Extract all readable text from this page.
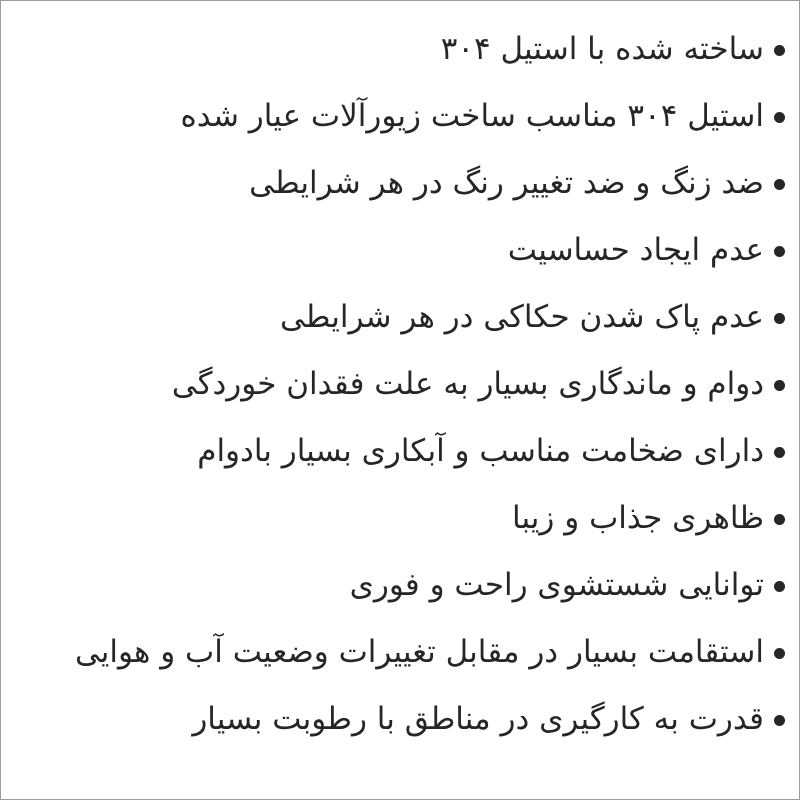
ساخته شده با استیل ۳۰۴
استیل ۳۰۴ مناسب ساخت زیورآلات عیار شده
ضد زنگ و ضد تغییر رنگ در هر شرایطی
عدم ایجاد حساسیت
عدم پاک شدن حکاکی در هر شرایطی
دوام و ماندگاری بسیار به علت فقدان خوردگی
دارای ضخامت مناسب و آبکاری بسیار بادوام
ظاهری جذاب و زیبا
توانایی شستشوی راحت و فوری
استقامت بسیار در مقابل تغییرات وضعیت آب و هوایی
قدرت به کارگیری در مناطق با رطوبت بسیار
